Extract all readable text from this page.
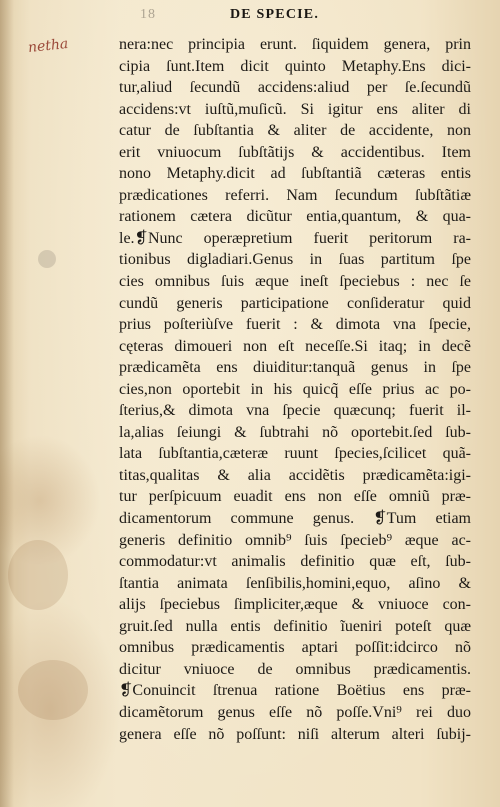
18	DE SPECIE.
netha	nera:nec principia erunt. ſiquidem genera, prin
cipia ſunt.Item dicit quinto Metaphy.Ens dici-
tur,aliud ſecundũ accidens:aliud per ſe.ſecundũ
accidens:vt iuſtũ,muſicũ. Si igitur ens aliter di
catur de ſubſtantia & aliter de accidente, non
erit vniuocum ſubſtãtijs & accidentibus. Item
nono Metaphy.dicit ad ſubſtantiã cæteras entis
prædicationes referri. Nam ſecundum ſubſtãtiæ
rationem cætera dicũtur entia,quantum, & qua-
le.❡Nunc operæpretium fuerit peritorum ra-
tionibus digladiari.Genus in ſuas partitum ſpe
cies omnibus ſuis æque ineſt ſpeciebus : nec ſe
cundũ generis participatione conſideratur quid
prius poſteriùſve fuerit : & dimota vna ſpecie,
cęteras dimoueri non eſt neceſſe.Si itaq; in decẽ
prædicamẽta ens diuiditur:tanquã genus in ſpe
cies,non oportebit in his quicq̃ eſſe prius ac po-
ſterius,& dimota vna ſpecie quæcunq; fuerit il-
la,alias ſeiungi & ſubtrahi nõ oportebit.ſed ſub-
lata ſubſtantia,cæteræ ruunt ſpecies,ſcilicet quã-
titas,qualitas & alia accidẽtis prædicamẽta:igi-
tur perſpicuum euadit ens non eſſe omniũ præ-
dicamentorum commune genus. ❡Tum etiam
generis definitio omnib⁹ ſuis ſpecieb⁹ æque ac-
commodatur:vt animalis definitio quæ eſt, ſub-
ſtantia animata ſenſibilis,homini,equo, aſino &
alijs ſpeciebus ſimpliciter,æque & vniuoce con-
gruit.ſed nulla entis definitio ĩueniri poteſt quæ
omnibus prædicamentis aptari poſſit:idcirco nõ
dicitur vniuoce de omnibus prædicamentis.
❡Conuincit ſtrenua ratione Boëtius ens præ-
dicamẽtorum genus eſſe nõ poſſe.Vni⁹ rei duo
genera eſſe nõ poſſunt: niſi alterum alteri ſubij-
